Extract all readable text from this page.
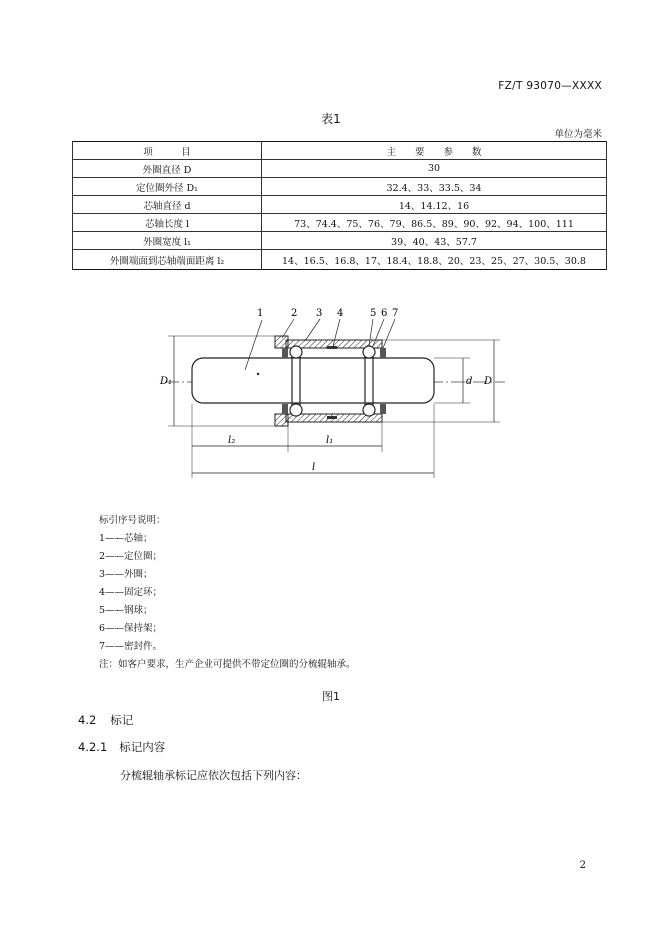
FZ/T 93070—XXXX
表1
单位为毫米
项　　　目	主　　要　　参　　数
外圈直径 D	30
定位圈外径 D₁	32.4、33、33.5、34
芯轴直径 d	14、14.12、16
芯轴长度 l	73、74.4、75、76、79、86.5、89、90、92、94、100、111
外圈宽度 l₁	39、40、43、57.7
外圈端面到芯轴端面距离 l₂	14、16.5、16.8、17、18.4、18.8、20、23、25、27、30.5、30.8
1	2 3 4	5 6 7
D₁	d D
l₂	l₁
l
标引序号说明：
1——芯轴；
2——定位圈；
3——外圈；
4——固定环；
5——钢球；
6——保持架；
7——密封件。
注：如客户要求，生产企业可提供不带定位圈的分梳辊轴承。
图1
4.2 标记
4.2.1 标记内容
分梳辊轴承标记应依次包括下列内容：
2
